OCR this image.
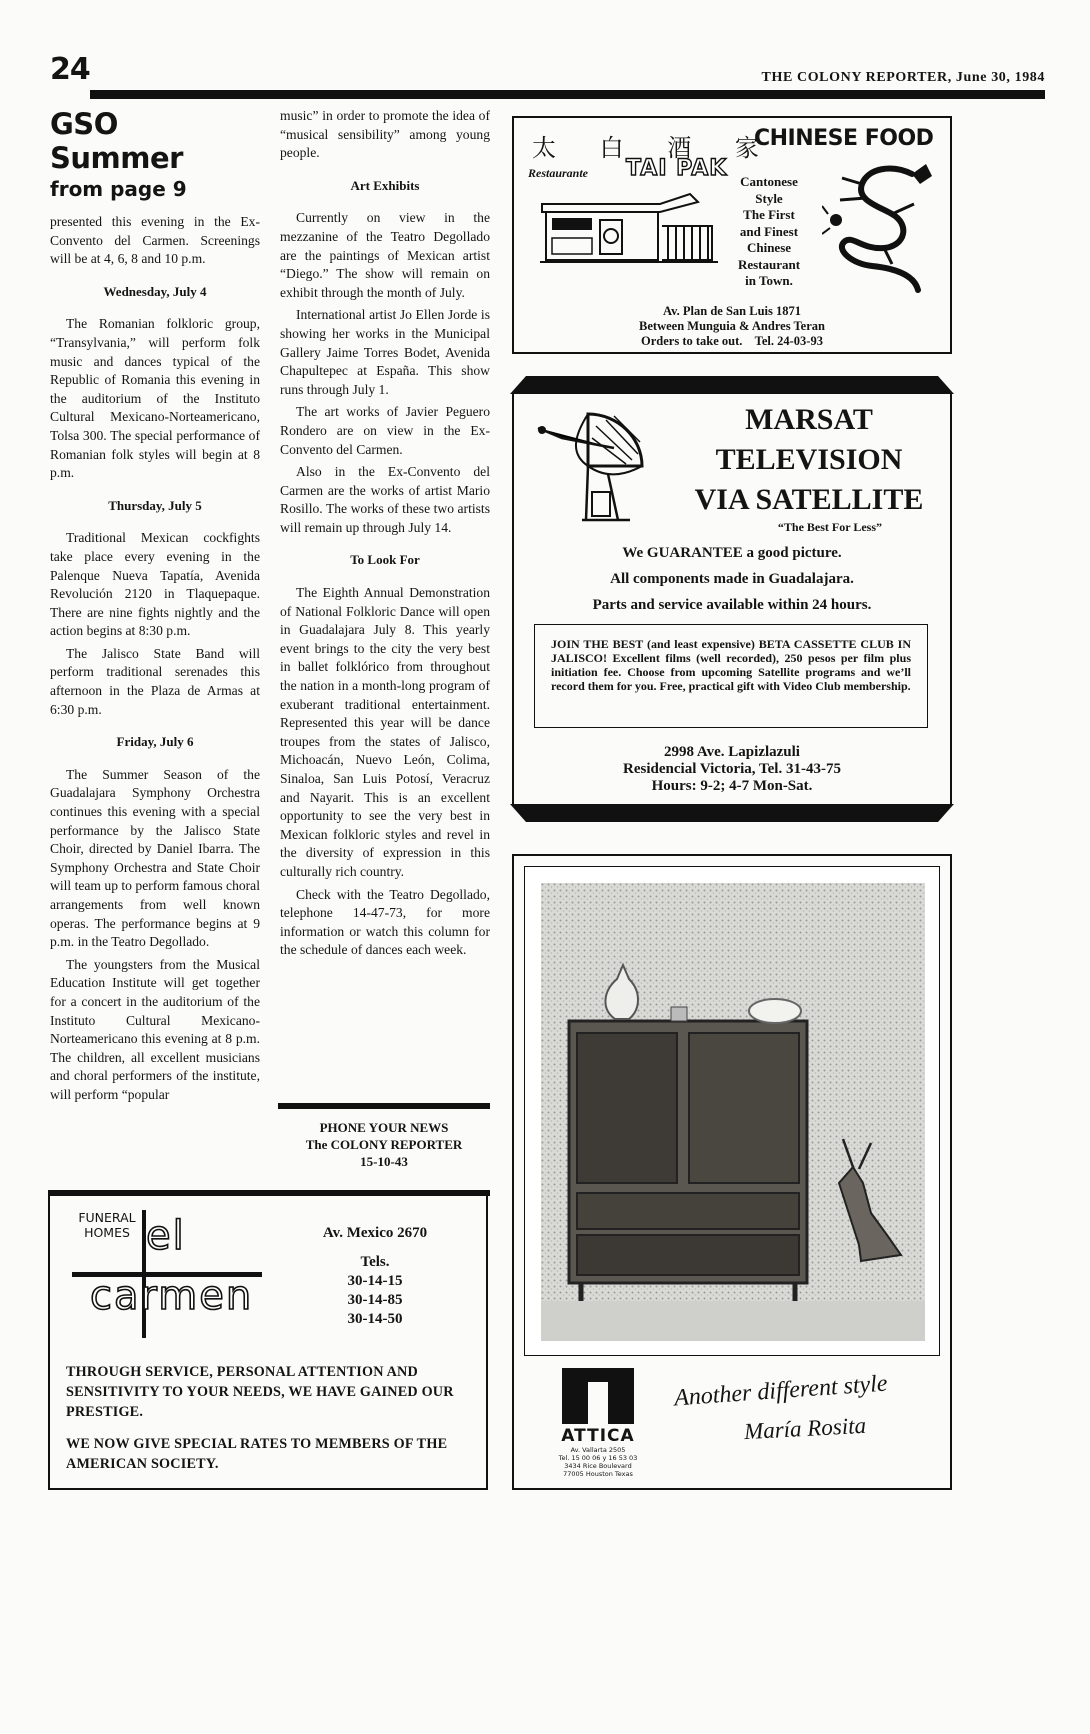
24	THE COLONY REPORTER, June 30, 1984
GSO Summer
from page 9

presented this evening in the Ex-Convento del Carmen. Screenings will be at 4, 6, 8 and 10 p.m.

Wednesday, July 4

The Romanian folkloric group, “Transylvania,” will perform folk music and dances typical of the Republic of Romania this evening in the auditorium of the Instituto Cultural Mexicano-Norteamericano, Tolsa 300. The special performance of Romanian folk styles will begin at 8 p.m.

Thursday, July 5

Traditional Mexican cockfights take place every evening in the Palenque Nueva Tapatía, Avenida Revolución 2120 in Tlaquepaque. There are nine fights nightly and the action begins at 8:30 p.m.

The Jalisco State Band will perform traditional serenades this afternoon in the Plaza de Armas at 6:30 p.m.

Friday, July 6

The Summer Season of the Guadalajara Symphony Orchestra continues this evening with a special performance by the Jalisco State Choir, directed by Daniel Ibarra. The Symphony Orchestra and State Choir will team up to perform famous choral arrangements from well known operas. The performance begins at 9 p.m. in the Teatro Degollado.

The youngsters from the Musical Education Institute will get together for a concert in the auditorium of the Instituto Cultural Mexicano-Norteamericano this evening at 8 p.m. The children, all excellent musicians and choral performers of the institute, will perform “popular

music” in order to promote the idea of “musical sensibility” among young people.

Art Exhibits

Currently on view in the mezzanine of the Teatro Degollado are the paintings of Mexican artist “Diego.” The show will remain on exhibit through the month of July.

International artist Jo Ellen Jorde is showing her works in the Municipal Gallery Jaime Torres Bodet, Avenida Chapultepec at España. This show runs through July 1.

The art works of Javier Peguero Rondero are on view in the Ex-Convento del Carmen.

Also in the Ex-Convento del Carmen are the works of artist Mario Rosillo. The works of these two artists will remain up through July 14.

To Look For

The Eighth Annual Demonstration of National Folkloric Dance will open in Guadalajara July 8. This yearly event brings to the city the very best in ballet folklórico from throughout the nation in a month-long program of exuberant traditional entertainment. Represented this year will be dance troupes from the states of Jalisco, Michoacán, Nuevo León, Colima, Sinaloa, San Luis Potosí, Veracruz and Nayarit. This is an excellent opportunity to see the very best in Mexican folkloric styles and revel in the diversity of expression in this culturally rich country.

Check with the Teatro Degollado, telephone 14-47-73, for more information or watch this column for the schedule of dances each week.

PHONE YOUR NEWS
The COLONY REPORTER
15-10-43
太 白 酒 家
Restaurante TAI PAK
CHINESE FOOD
Cantonese
Style
The First
and Finest
Chinese
Restaurant
in Town.
Av. Plan de San Luis 1871
Between Munguia & Andres Teran
Orders to take out.    Tel. 24-03-93
MARSAT
TELEVISION
VIA SATELLITE
“The Best For Less”
We GUARANTEE a good picture.
All components made in Guadalajara.
Parts and service available within 24 hours.
JOIN THE BEST (and least expensive) BETA CASSETTE CLUB IN JALISCO! Excellent films (well recorded), 250 pesos per film plus initiation fee. Choose from upcoming Satellite programs and we’ll record them for you. Free, practical gift with Video Club membership.
2998 Ave. Lapizlazuli
Residencial Victoria, Tel. 31-43-75
Hours: 9-2; 4-7 Mon-Sat.
ATTICA
Av. Vallarta 2505
Tel. 15 00 06 y 16 53 03
3434 Rice Boulevard
77005 Houston Texas
Another different style
María Rosita
FUNERAL HOMES el
carmen
Av. Mexico 2670
Tels.
30-14-15
30-14-85
30-14-50
THROUGH SERVICE, PERSONAL ATTENTION AND SENSITIVITY TO YOUR NEEDS, WE HAVE GAINED OUR PRESTIGE.
WE NOW GIVE SPECIAL RATES TO MEMBERS OF THE AMERICAN SOCIETY.
